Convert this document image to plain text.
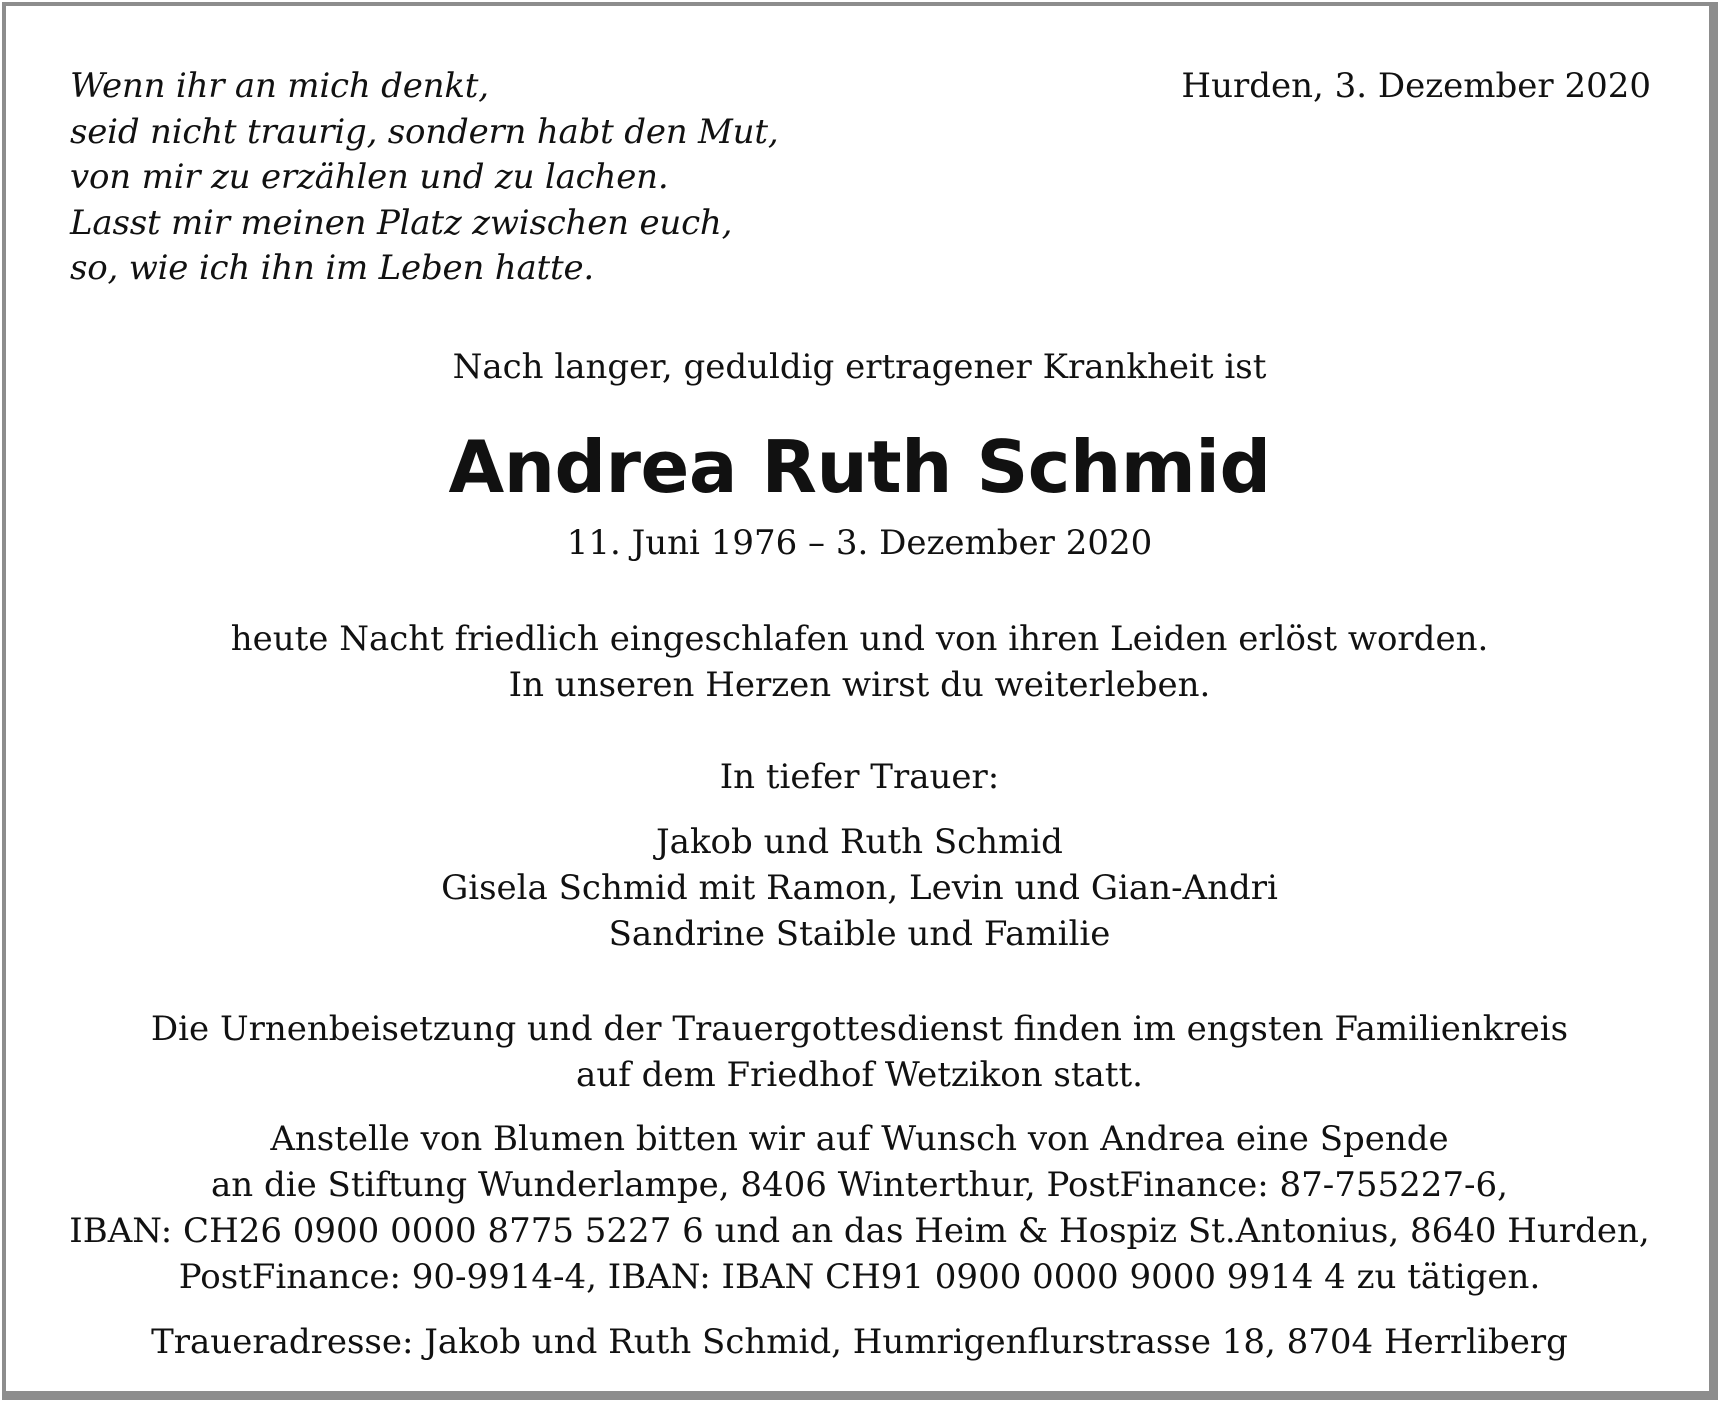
Wenn ihr an mich denkt,
seid nicht traurig, sondern habt den Mut,
von mir zu erzählen und zu lachen.
Lasst mir meinen Platz zwischen euch,
so, wie ich ihn im Leben hatte.
Hurden, 3. Dezember 2020
Nach langer, geduldig ertragener Krankheit ist
Andrea Ruth Schmid
11. Juni 1976 – 3. Dezember 2020
heute Nacht friedlich eingeschlafen und von ihren Leiden erlöst worden.
In unseren Herzen wirst du weiterleben.
In tiefer Trauer:
Jakob und Ruth Schmid
Gisela Schmid mit Ramon, Levin und Gian-Andri
Sandrine Staible und Familie
Die Urnenbeisetzung und der Trauergottesdienst finden im engsten Familienkreis
auf dem Friedhof Wetzikon statt.
Anstelle von Blumen bitten wir auf Wunsch von Andrea eine Spende
an die Stiftung Wunderlampe, 8406 Winterthur, PostFinance: 87-755227-6,
IBAN: CH26 0900 0000 8775 5227 6 und an das Heim & Hospiz St.Antonius, 8640 Hurden,
PostFinance: 90-9914-4, IBAN: IBAN CH91 0900 0000 9000 9914 4 zu tätigen.
Traueradresse: Jakob und Ruth Schmid, Humrigenflurstrasse 18, 8704 Herrliberg
